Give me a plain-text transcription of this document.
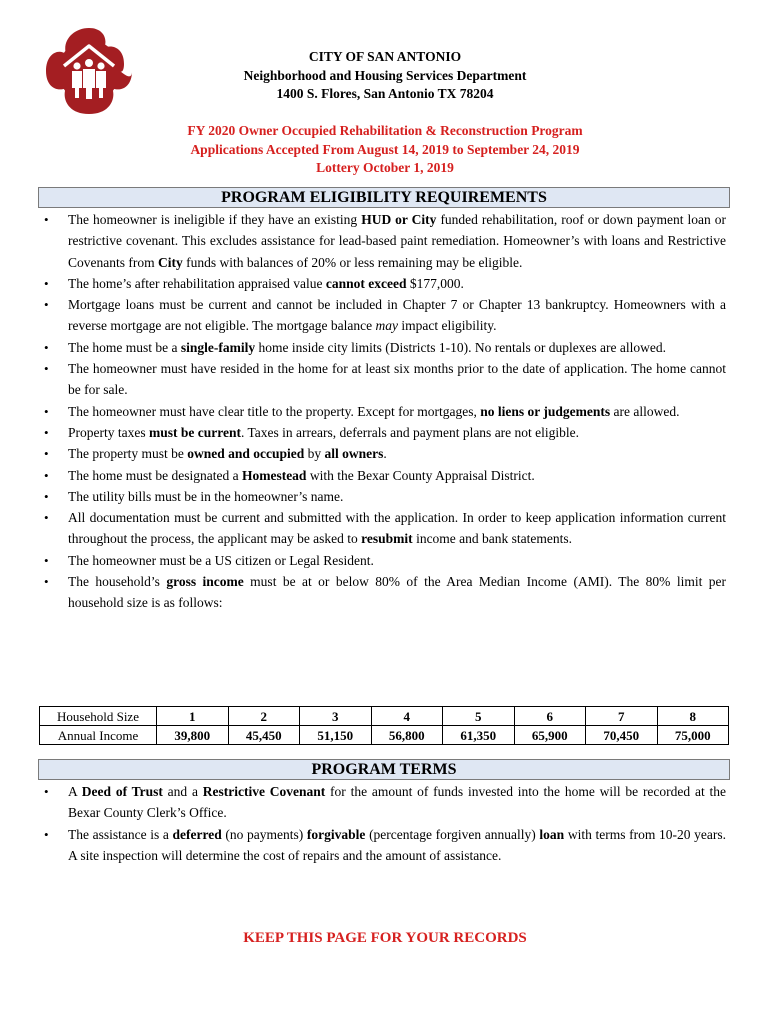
CITY OF SAN ANTONIO
Neighborhood and Housing Services Department
1400 S. Flores, San Antonio TX 78204
FY 2020 Owner Occupied Rehabilitation & Reconstruction Program
Applications Accepted From August 14, 2019 to September 24, 2019
Lottery October 1, 2019
PROGRAM ELIGIBILITY REQUIREMENTS
• The homeowner is ineligible if they have an existing HUD or City funded rehabilitation, roof or down payment loan or restrictive covenant. This excludes assistance for lead-based paint remediation. Homeowner’s with loans and Restrictive Covenants from City funds with balances of 20% or less remaining may be eligible.
• The home’s after rehabilitation appraised value cannot exceed $177,000.
• Mortgage loans must be current and cannot be included in Chapter 7 or Chapter 13 bankruptcy. Homeowners with a reverse mortgage are not eligible. The mortgage balance may impact eligibility.
• The home must be a single-family home inside city limits (Districts 1-10). No rentals or duplexes are allowed.
• The homeowner must have resided in the home for at least six months prior to the date of application. The home cannot be for sale.
• The homeowner must have clear title to the property. Except for mortgages, no liens or judgements are allowed.
• Property taxes must be current. Taxes in arrears, deferrals and payment plans are not eligible.
• The property must be owned and occupied by all owners.
• The home must be designated a Homestead with the Bexar County Appraisal District.
• The utility bills must be in the homeowner’s name.
• All documentation must be current and submitted with the application. In order to keep application information current throughout the process, the applicant may be asked to resubmit income and bank statements.
• The homeowner must be a US citizen or Legal Resident.
• The household’s gross income must be at or below 80% of the Area Median Income (AMI). The 80% limit per household size is as follows:
Household Size	1	2	3	4	5	6	7	8
Annual Income	39,800	45,450	51,150	56,800	61,350	65,900	70,450	75,000
PROGRAM TERMS
• A Deed of Trust and a Restrictive Covenant for the amount of funds invested into the home will be recorded at the Bexar County Clerk’s Office.
• The assistance is a deferred (no payments) forgivable (percentage forgiven annually) loan with terms from 10-20 years. A site inspection will determine the cost of repairs and the amount of assistance.
KEEP THIS PAGE FOR YOUR RECORDS
